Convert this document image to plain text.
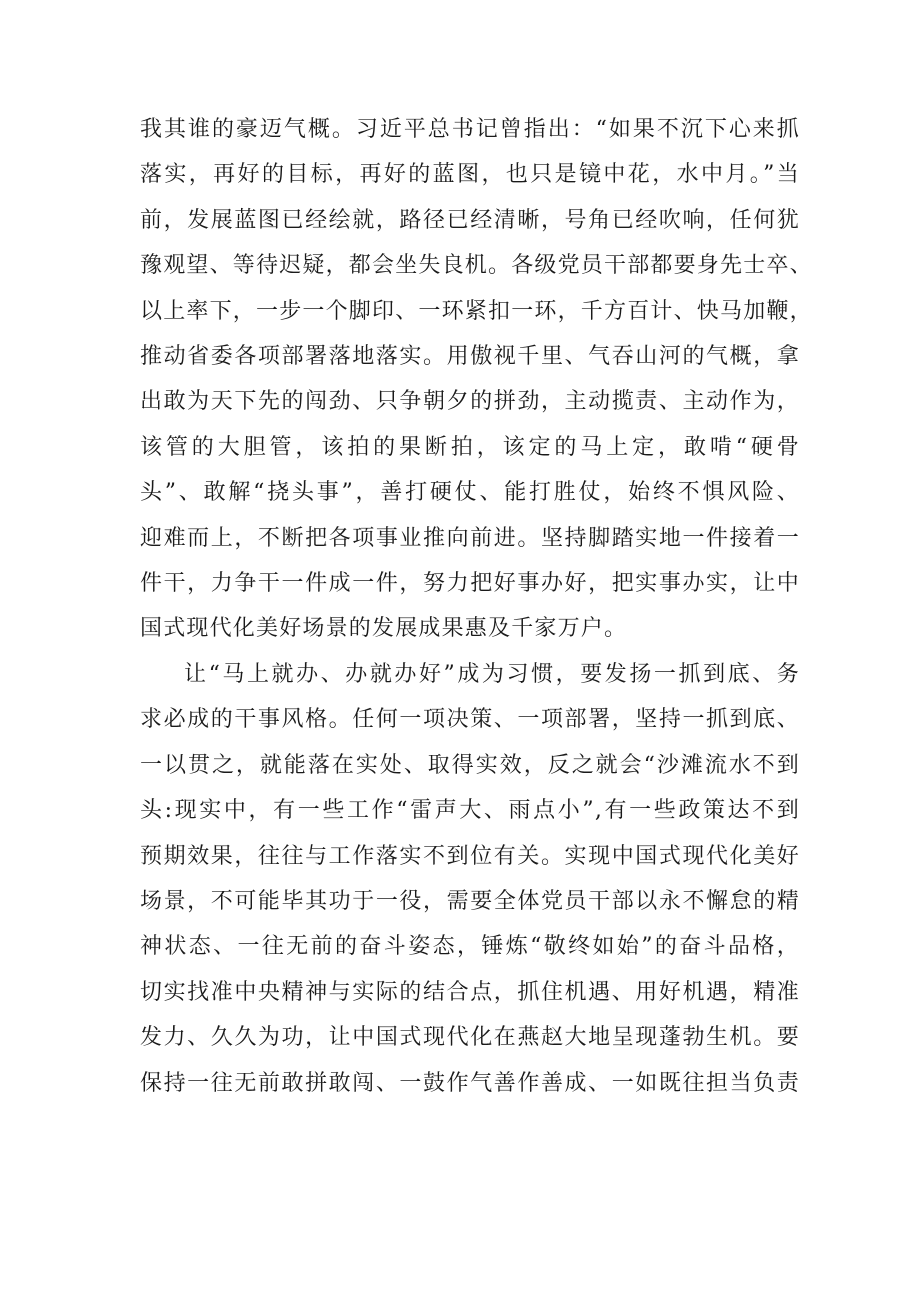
我其谁的豪迈气概。习近平总书记曾指出：“如果不沉下心来抓
落实，再好的目标，再好的蓝图，也只是镜中花，水中月。”当
前，发展蓝图已经绘就，路径已经清晰，号角已经吹响，任何犹
豫观望、等待迟疑，都会坐失良机。各级党员干部都要身先士卒、
以上率下，一步一个脚印、一环紧扣一环，千方百计、快马加鞭，
推动省委各项部署落地落实。用傲视千里、气吞山河的气概，拿
出敢为天下先的闯劲、只争朝夕的拼劲，主动揽责、主动作为，
该管的大胆管，该拍的果断拍，该定的马上定，敢啃“硬骨
头”、敢解“挠头事”，善打硬仗、能打胜仗，始终不惧风险、
迎难而上，不断把各项事业推向前进。坚持脚踏实地一件接着一
件干，力争干一件成一件，努力把好事办好，把实事办实，让中
国式现代化美好场景的发展成果惠及千家万户。
让“马上就办、办就办好”成为习惯，要发扬一抓到底、务
求必成的干事风格。任何一项决策、一项部署，坚持一抓到底、
一以贯之，就能落在实处、取得实效，反之就会“沙滩流水不到
头:现实中，有一些工作“雷声大、雨点小”,有一些政策达不到
预期效果，往往与工作落实不到位有关。实现中国式现代化美好
场景，不可能毕其功于一役，需要全体党员干部以永不懈怠的精
神状态、一往无前的奋斗姿态，锤炼“敬终如始”的奋斗品格，
切实找准中央精神与实际的结合点，抓住机遇、用好机遇，精准
发力、久久为功，让中国式现代化在燕赵大地呈现蓬勃生机。要
保持一往无前敢拼敢闯、一鼓作气善作善成、一如既往担当负责
